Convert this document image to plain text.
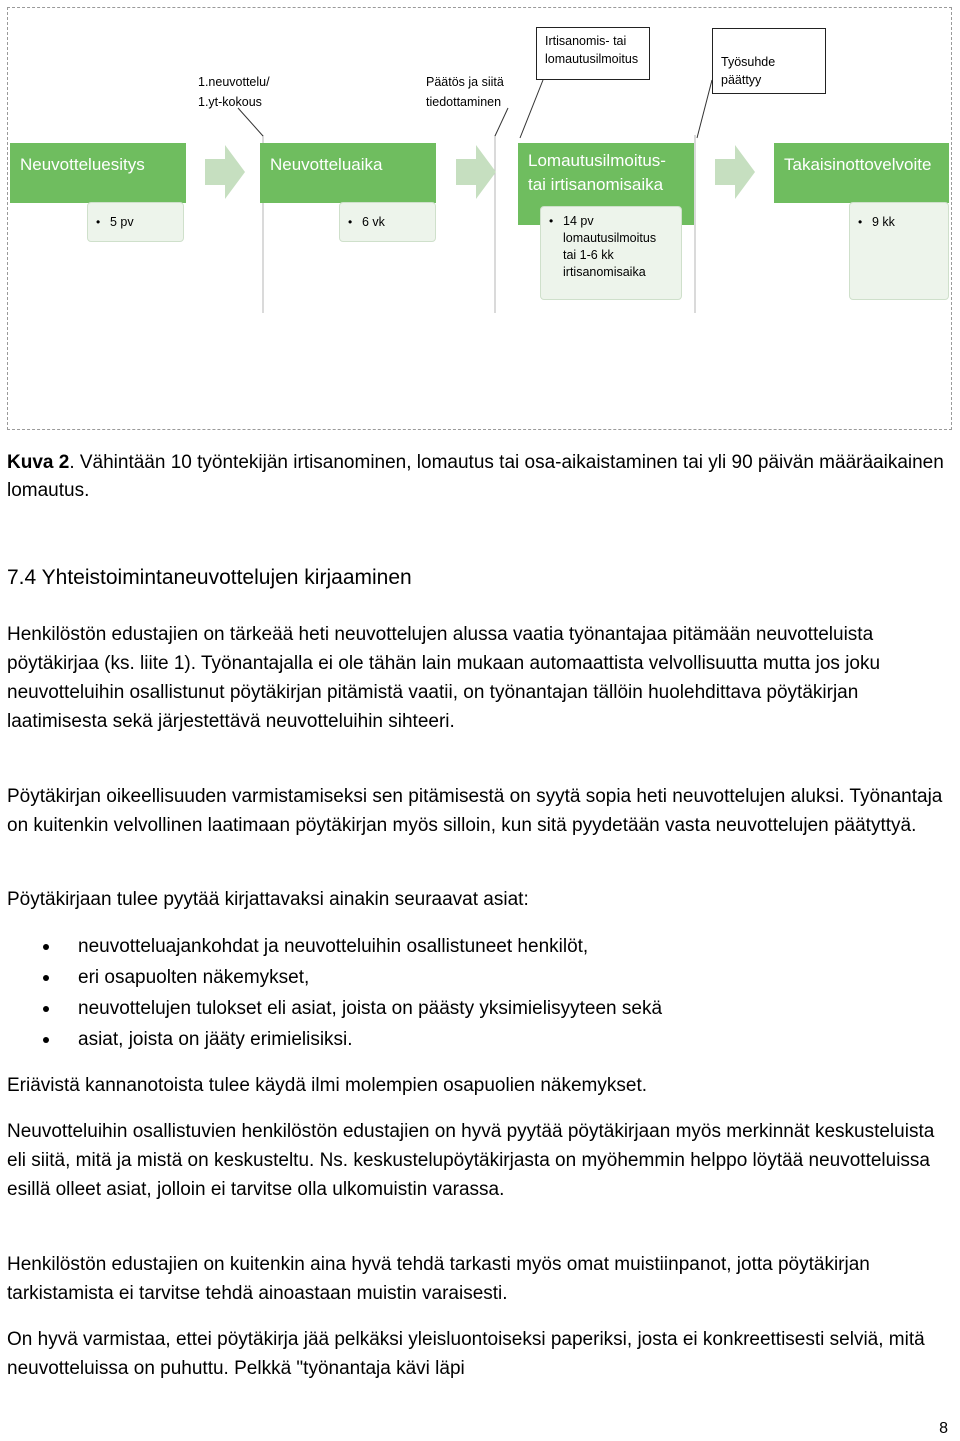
1.neuvottelu/
1.yt-kokous
Päätös ja siitä
tiedottaminen
Irtisanomis- tai
lomautusilmoitus	Työsuhde päättyy
Neuvotteluesitys
• 5 pv
Neuvotteluaika
• 6 vk
Lomautusilmoitus-
tai irtisanomisaika
• 14 pv
lomautusilmoitus
tai 1-6 kk
irtisanomisaika
Takaisinottovelvoite
• 9 kk
Kuva 2. Vähintään 10 työntekijän irtisanominen, lomautus tai osa-aikaistaminen tai yli 90 päivän määräaikainen lomautus.
7.4 Yhteistoimintaneuvottelujen kirjaaminen

Henkilöstön edustajien on tärkeää heti neuvottelujen alussa vaatia työnantajaa pitämään neuvotteluista pöytäkirjaa (ks. liite 1). Työnantajalla ei ole tähän lain mukaan automaattista velvollisuutta mutta jos joku neuvotteluihin osallistunut pöytäkirjan pitämistä vaatii, on työnantajan tällöin huolehdittava pöytäkirjan laatimisesta sekä järjestettävä neuvotteluihin sihteeri.

Pöytäkirjan oikeellisuuden varmistamiseksi sen pitämisestä on syytä sopia heti neuvottelujen aluksi. Työnantaja on kuitenkin velvollinen laatimaan pöytäkirjan myös silloin, kun sitä pyydetään vasta neuvottelujen päätyttyä.

Pöytäkirjaan tulee pyytää kirjattavaksi ainakin seuraavat asiat:

neuvotteluajankohdat ja neuvotteluihin osallistuneet henkilöt,
eri osapuolten näkemykset,
neuvottelujen tulokset eli asiat, joista on päästy yksimielisyyteen sekä
asiat, joista on jääty erimielisiksi.

Eriävistä kannanotoista tulee käydä ilmi molempien osapuolien näkemykset.

Neuvotteluihin osallistuvien henkilöstön edustajien on hyvä pyytää pöytäkirjaan myös merkinnät keskusteluista eli siitä, mitä ja mistä on keskusteltu. Ns. keskustelupöytäkirjasta on myöhemmin helppo löytää neuvotteluissa esillä olleet asiat, jolloin ei tarvitse olla ulkomuistin varassa.

Henkilöstön edustajien on kuitenkin aina hyvä tehdä tarkasti myös omat muistiinpanot, jotta pöytäkirjan tarkistamista ei tarvitse tehdä ainoastaan muistin varaisesti.

On hyvä varmistaa, ettei pöytäkirja jää pelkäksi yleisluontoiseksi paperiksi, josta ei konkreettisesti selviä, mitä neuvotteluissa on puhuttu. Pelkkä "työnantaja kävi läpi

8
